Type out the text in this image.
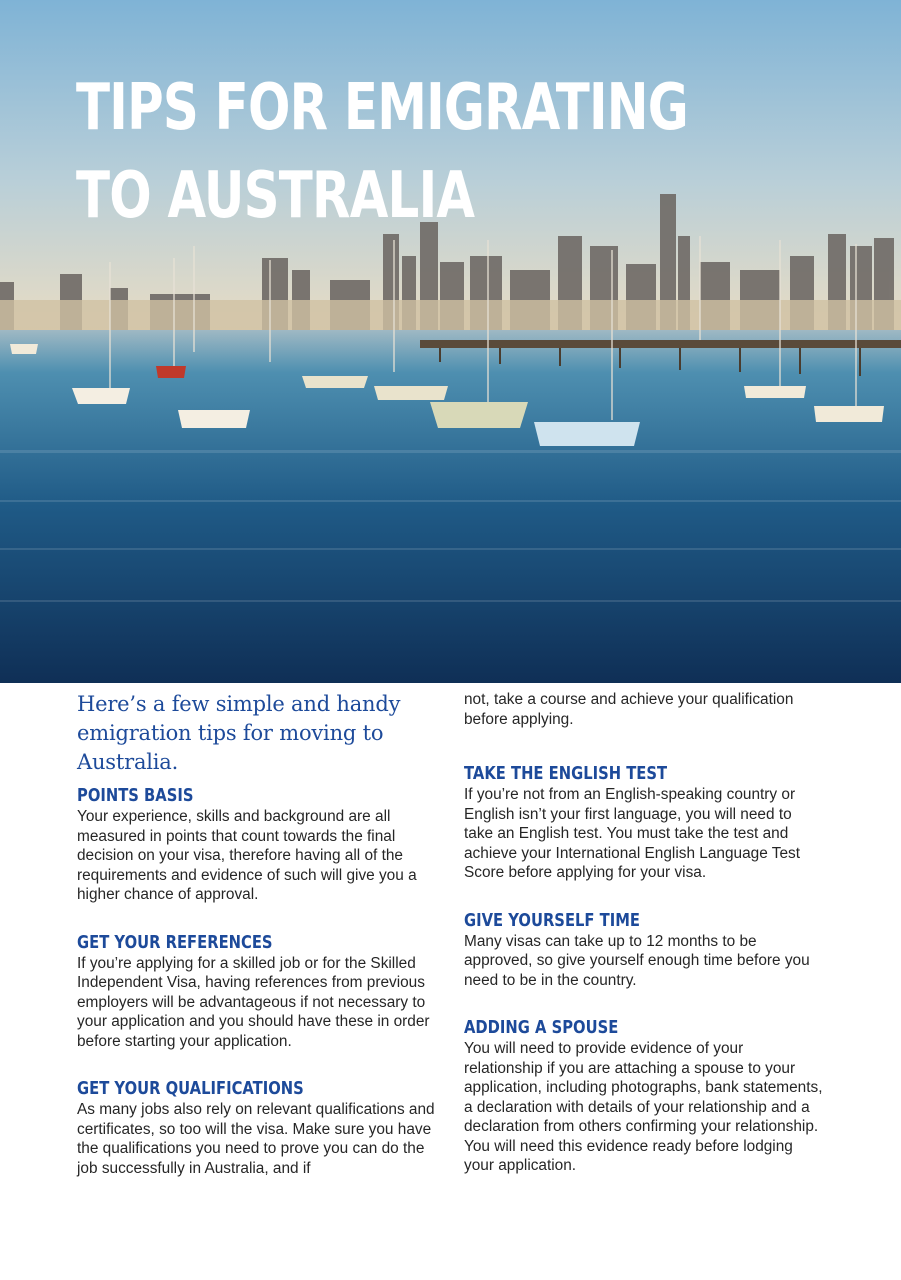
TIPS FOR EMIGRATING
TO AUSTRALIA

Here’s a few simple and handy emigration tips for moving to Australia.

POINTS BASIS

Your experience, skills and background are all measured in points that count towards the final decision on your visa, therefore having all of the requirements and evidence of such will give you a higher chance of approval.

GET YOUR REFERENCES

If you’re applying for a skilled job or for the Skilled Independent Visa, having references from previous employers will be advantageous if not necessary to your application and you should have these in order before starting your application.

GET YOUR QUALIFICATIONS

As many jobs also rely on relevant qualifications and certificates, so too will the visa. Make sure you have the qualifications you need to prove you can do the job successfully in Australia, and if

not, take a course and achieve your qualification before applying.

TAKE THE ENGLISH TEST

If you’re not from an English-speaking country or English isn’t your first language, you will need to take an English test. You must take the test and achieve your International English Language Test Score before applying for your visa.

GIVE YOURSELF TIME

Many visas can take up to 12 months to be approved, so give yourself enough time before you need to be in the country.

ADDING A SPOUSE

You will need to provide evidence of your relationship if you are attaching a spouse to your application, including photographs, bank statements, a declaration with details of your relationship and a declaration from others confirming your relationship. You will need this evidence ready before lodging your application.
